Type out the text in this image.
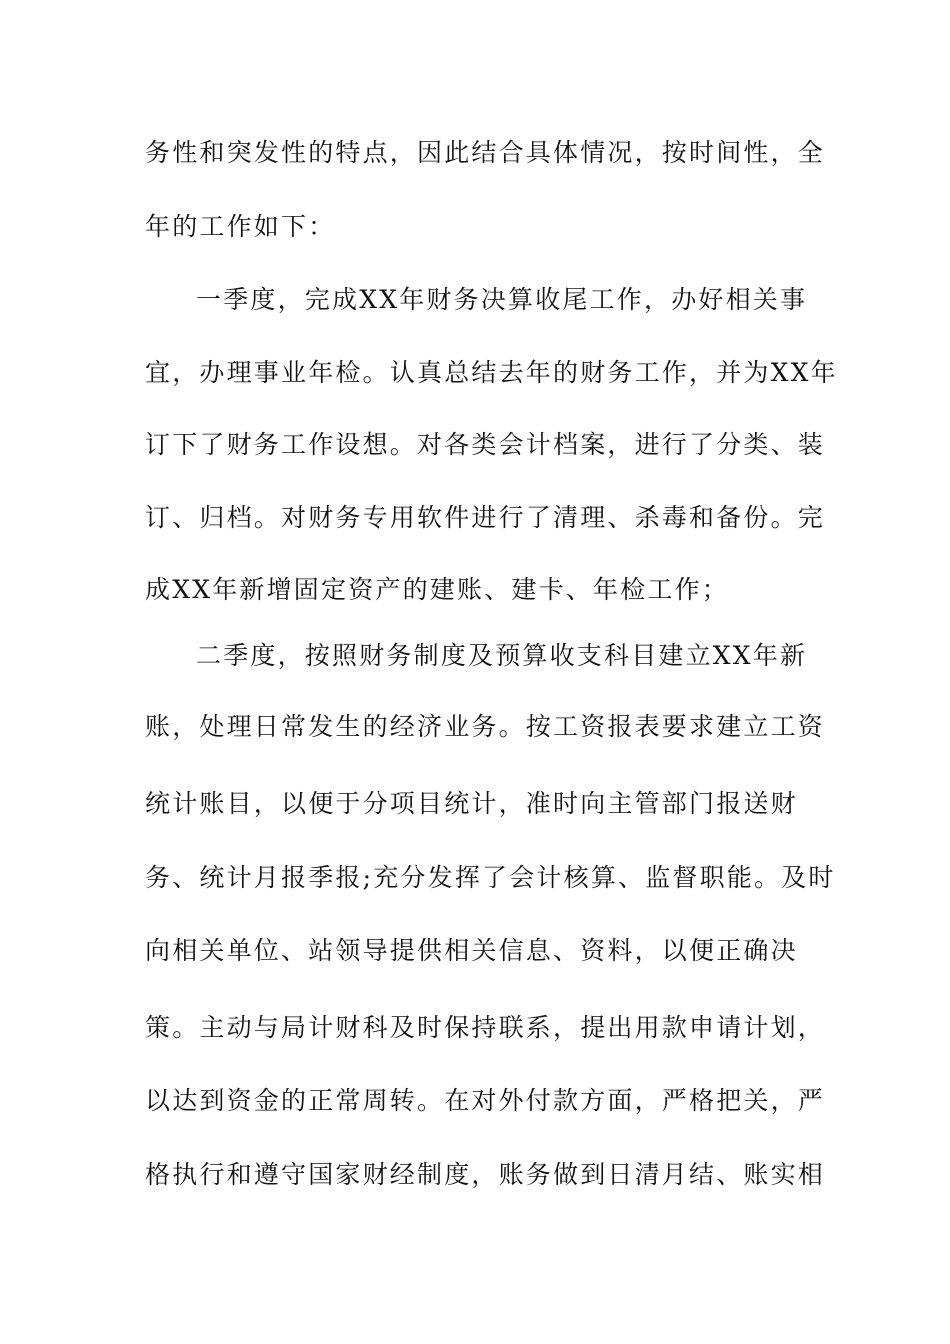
务性和突发性的特点，因此结合具体情况，按时间性，全
年的工作如下：
一季度，完成XX年财务决算收尾工作，办好相关事
宜，办理事业年检。认真总结去年的财务工作，并为XX年
订下了财务工作设想。对各类会计档案，进行了分类、装
订、归档。对财务专用软件进行了清理、杀毒和备份。完
成XX年新增固定资产的建账、建卡、年检工作；
二季度，按照财务制度及预算收支科目建立XX年新
账，处理日常发生的经济业务。按工资报表要求建立工资
统计账目，以便于分项目统计，准时向主管部门报送财
务、统计月报季报;充分发挥了会计核算、监督职能。及时
向相关单位、站领导提供相关信息、资料，以便正确决
策。主动与局计财科及时保持联系，提出用款申请计划，
以达到资金的正常周转。在对外付款方面，严格把关，严
格执行和遵守国家财经制度，账务做到日清月结、账实相
